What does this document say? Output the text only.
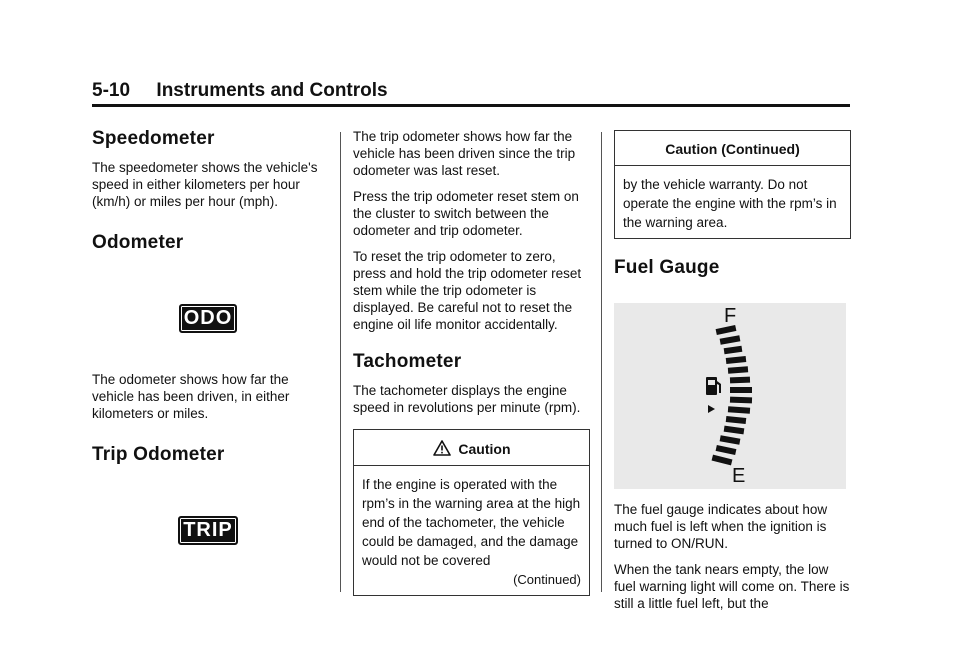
5-10     Instruments and Controls
Speedometer

The speedometer shows the vehicle's speed in either kilometers per hour (km/h) or miles per hour (mph).

Odometer
ODO

The odometer shows how far the vehicle has been driven, in either kilometers or miles.

Trip Odometer
TRIP

The trip odometer shows how far the vehicle has been driven since the trip odometer was last reset.

Press the trip odometer reset stem on the cluster to switch between the odometer and trip odometer.

To reset the trip odometer to zero, press and hold the trip odometer reset stem while the trip odometer is displayed. Be careful not to reset the engine oil life monitor accidentally.

Tachometer

The tachometer displays the engine speed in revolutions per minute (rpm).

Caution
If the engine is operated with the rpm’s in the warning area at the high end of the tachometer, the vehicle could be damaged, and the damage would not be covered
(Continued)
Caution (Continued)
by the vehicle warranty. Do not operate the engine with the rpm’s in the warning area.
Fuel Gauge
F
E

The fuel gauge indicates about how much fuel is left when the ignition is turned to ON/RUN.

When the tank nears empty, the low fuel warning light will come on. There is still a little fuel left, but the
